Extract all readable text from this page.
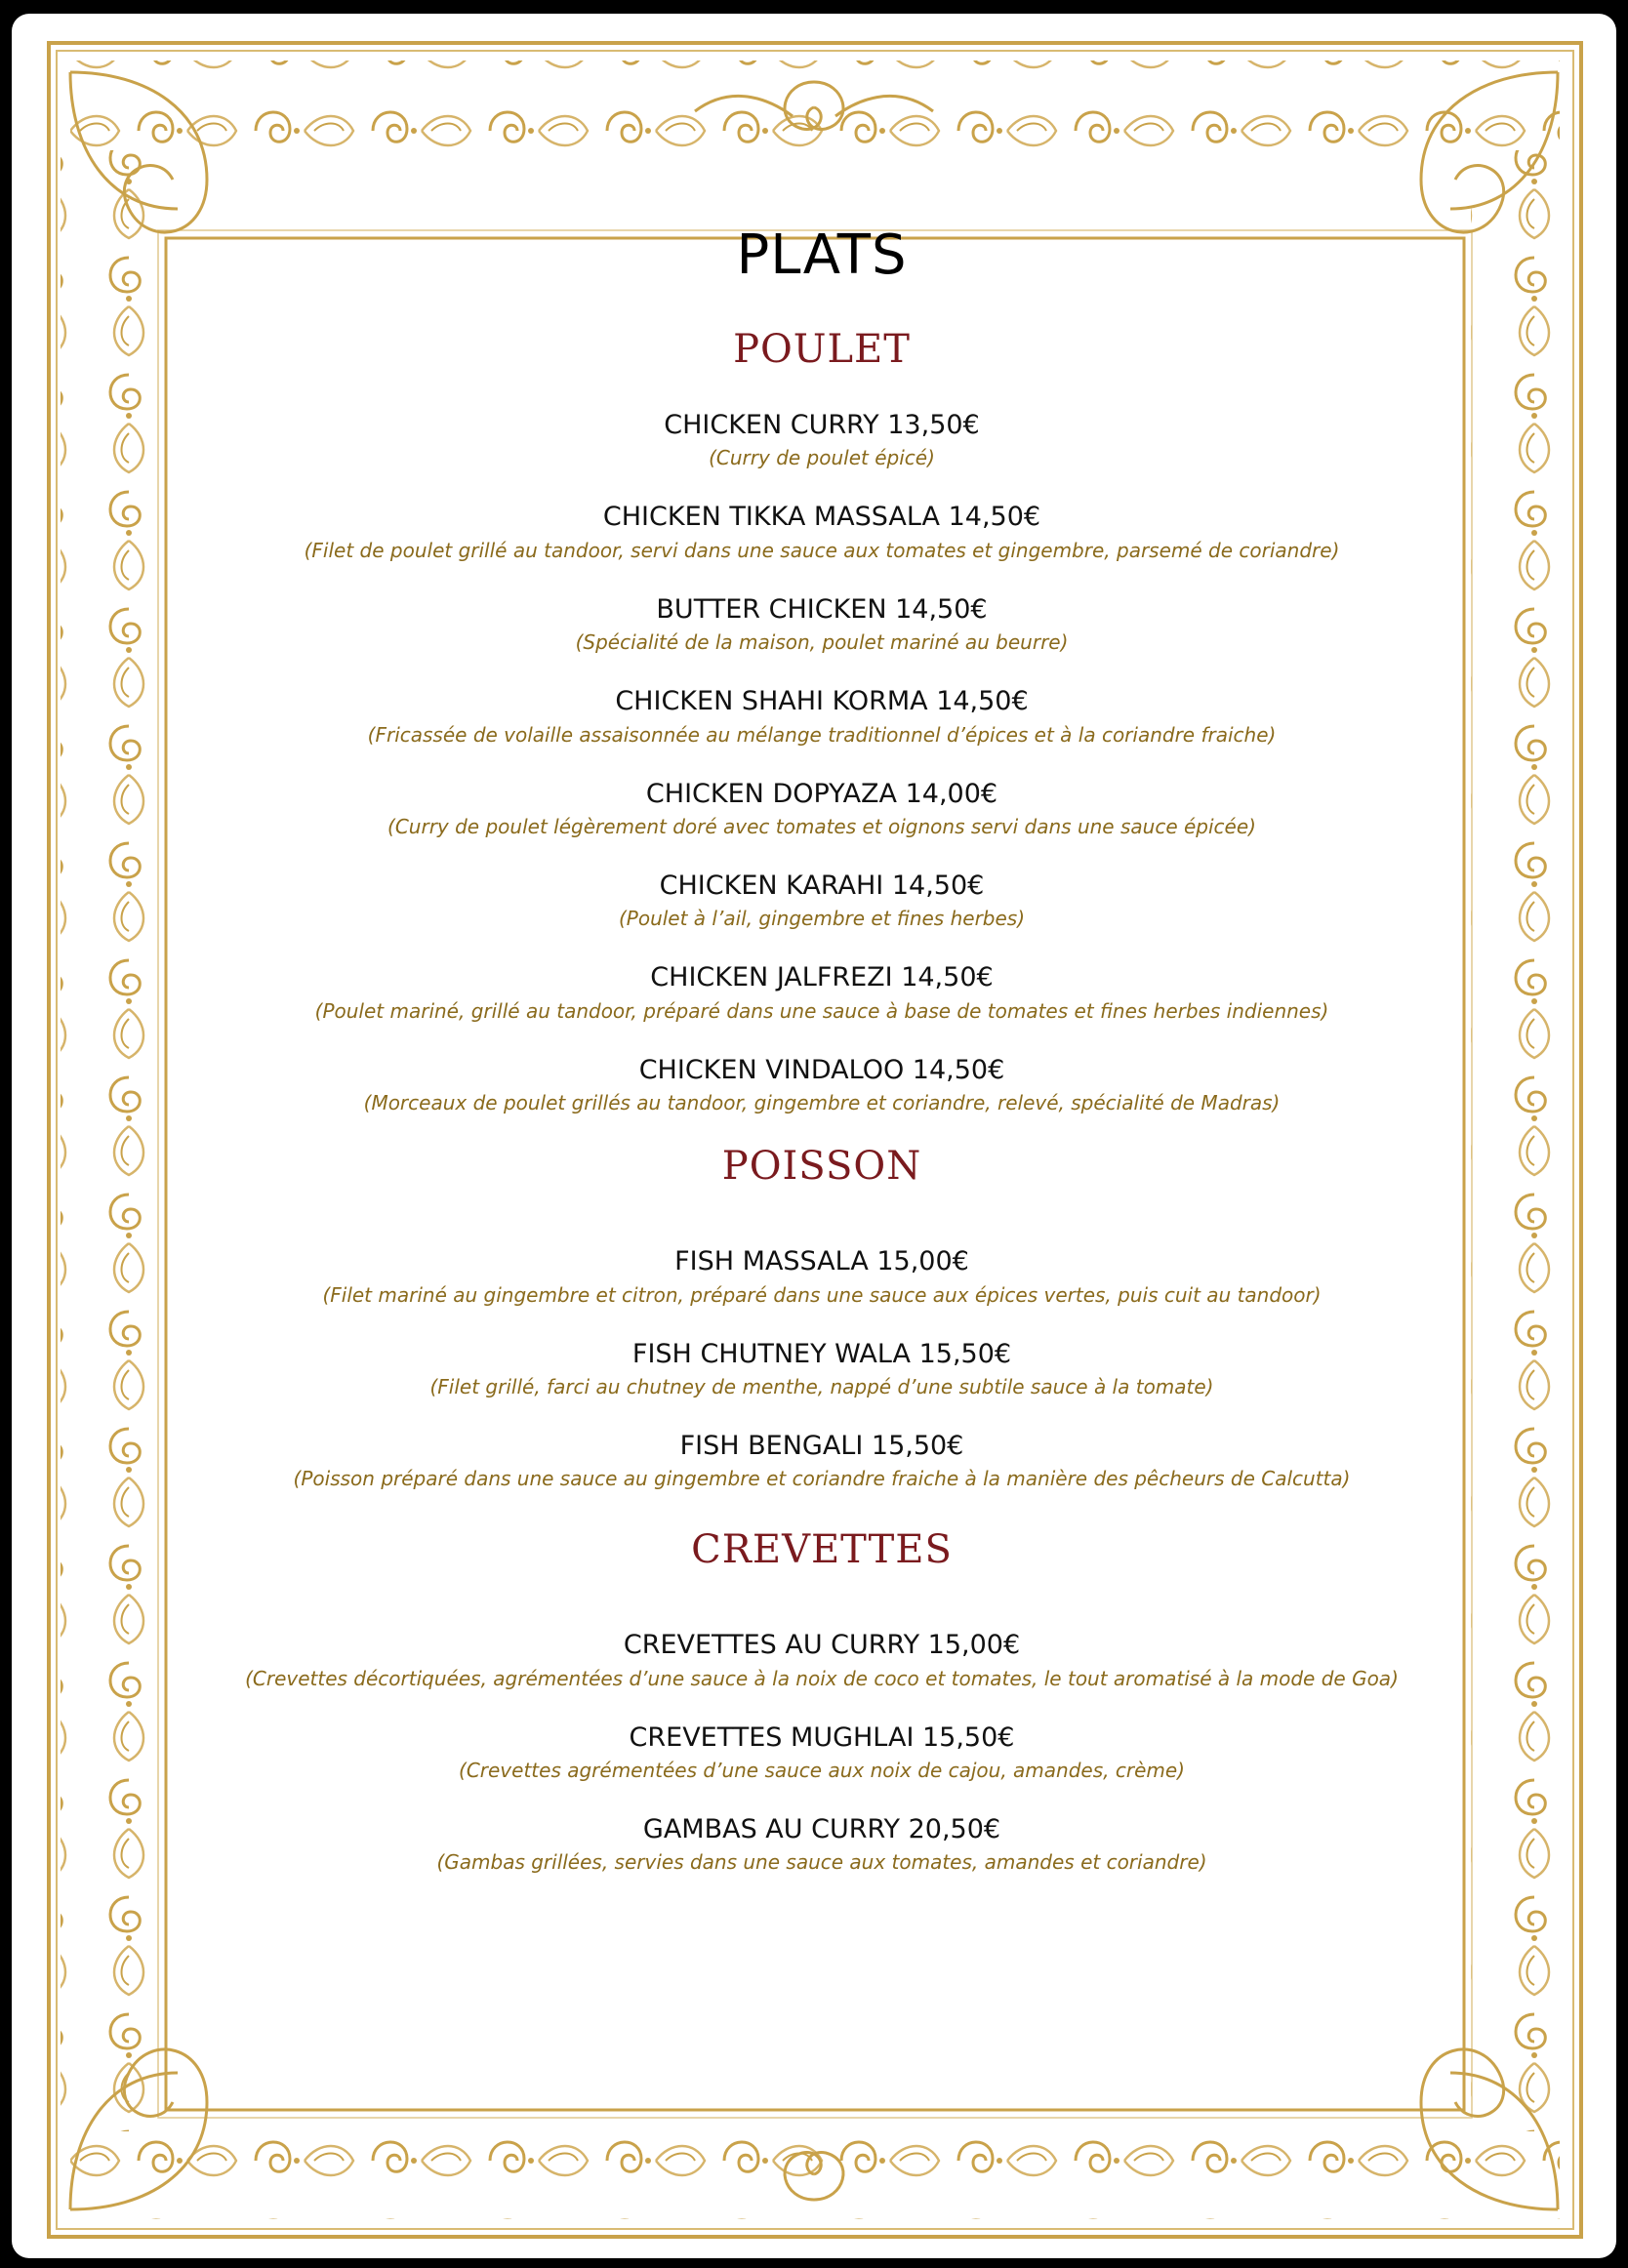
PLATS
POULET
CHICKEN CURRY 13,50€
(Curry de poulet épicé)
CHICKEN TIKKA MASSALA 14,50€
(Filet de poulet grillé au tandoor, servi dans une sauce aux tomates et gingembre, parsemé de coriandre)
BUTTER CHICKEN 14,50€
(Spécialité de la maison, poulet mariné au beurre)
CHICKEN SHAHI KORMA 14,50€
(Fricassée de volaille assaisonnée au mélange traditionnel d’épices et à la coriandre fraiche)
CHICKEN DOPYAZA 14,00€
(Curry de poulet légèrement doré avec tomates et oignons servi dans une sauce épicée)
CHICKEN KARAHI 14,50€
(Poulet à l’ail, gingembre et fines herbes)
CHICKEN JALFREZI 14,50€
(Poulet mariné, grillé au tandoor, préparé dans une sauce à base de tomates et fines herbes indiennes)
CHICKEN VINDALOO 14,50€
(Morceaux de poulet grillés au tandoor, gingembre et coriandre, relevé, spécialité de Madras)
POISSON
FISH MASSALA 15,00€
(Filet mariné au gingembre et citron, préparé dans une sauce aux épices vertes, puis cuit au tandoor)
FISH CHUTNEY WALA 15,50€
(Filet grillé, farci au chutney de menthe, nappé d’une subtile sauce à la tomate)
FISH BENGALI 15,50€
(Poisson préparé dans une sauce au gingembre et coriandre fraiche à la manière des pêcheurs de Calcutta)
CREVETTES
CREVETTES AU CURRY 15,00€
(Crevettes décortiquées, agrémentées d’une sauce à la noix de coco et tomates, le tout aromatisé à la mode de Goa)
CREVETTES MUGHLAI 15,50€
(Crevettes agrémentées d’une sauce aux noix de cajou, amandes, crème)
GAMBAS AU CURRY 20,50€
(Gambas grillées, servies dans une sauce aux tomates, amandes et coriandre)
